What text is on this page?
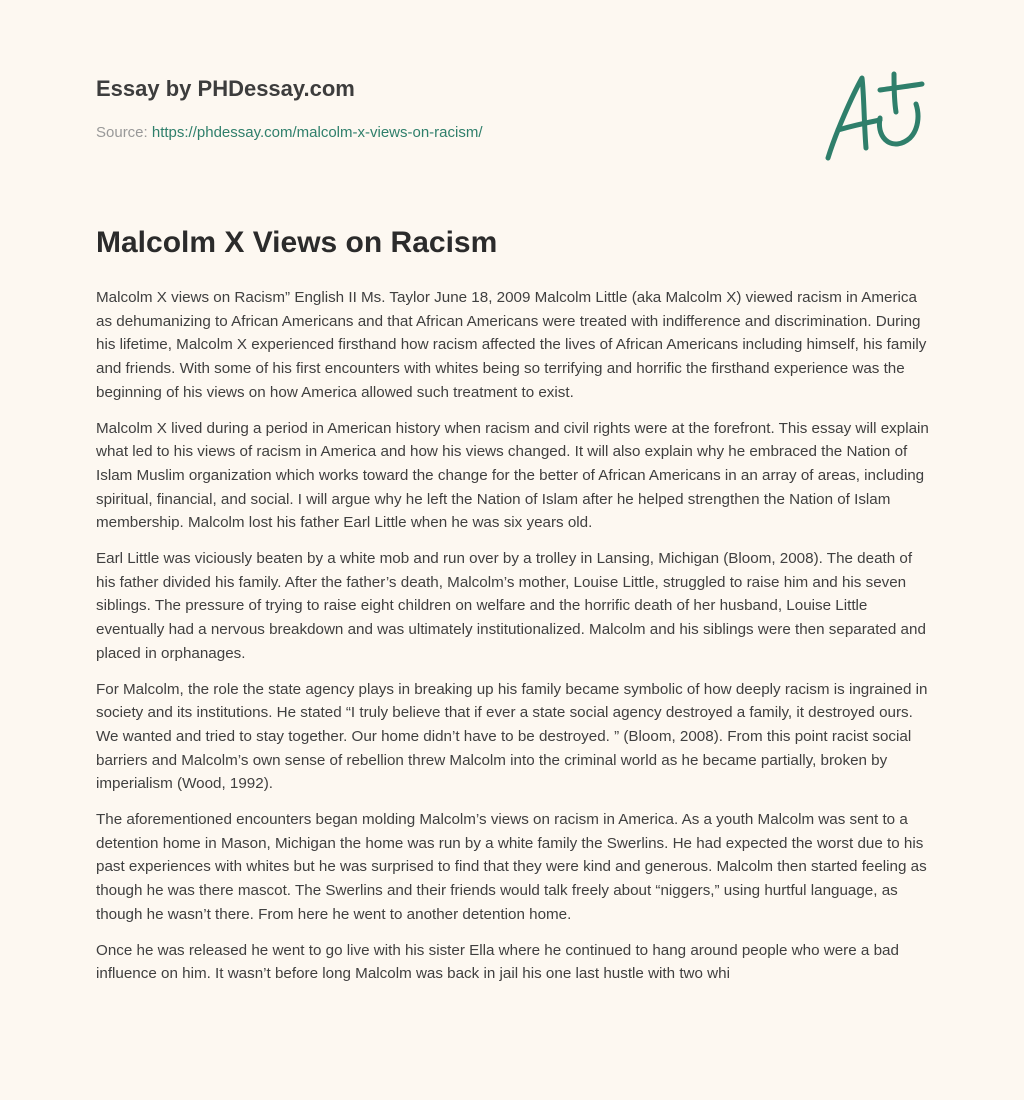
Essay by PHDessay.com

Source: https://phdessay.com/malcolm-x-views-on-racism/

Malcolm X Views on Racism

Malcolm X views on Racism” English II Ms. Taylor June 18, 2009 Malcolm Little (aka Malcolm X) viewed racism in America as dehumanizing to African Americans and that African Americans were treated with indifference and discrimination. During his lifetime, Malcolm X experienced firsthand how racism affected the lives of African Americans including himself, his family and friends. With some of his first encounters with whites being so terrifying and horrific the firsthand experience was the beginning of his views on how America allowed such treatment to exist.

Malcolm X lived during a period in American history when racism and civil rights were at the forefront. This essay will explain what led to his views of racism in America and how his views changed. It will also explain why he embraced the Nation of Islam Muslim organization which works toward the change for the better of African Americans in an array of areas, including spiritual, financial, and social. I will argue why he left the Nation of Islam after he helped strengthen the Nation of Islam membership. Malcolm lost his father Earl Little when he was six years old.

Earl Little was viciously beaten by a white mob and run over by a trolley in Lansing, Michigan (Bloom, 2008). The death of his father divided his family. After the father’s death, Malcolm’s mother, Louise Little, struggled to raise him and his seven siblings. The pressure of trying to raise eight children on welfare and the horrific death of her husband, Louise Little eventually had a nervous breakdown and was ultimately institutionalized. Malcolm and his siblings were then separated and placed in orphanages.

For Malcolm, the role the state agency plays in breaking up his family became symbolic of how deeply racism is ingrained in society and its institutions. He stated “I truly believe that if ever a state social agency destroyed a family, it destroyed ours. We wanted and tried to stay together. Our home didn’t have to be destroyed. ” (Bloom, 2008). From this point racist social barriers and Malcolm’s own sense of rebellion threw Malcolm into the criminal world as he became partially, broken by imperialism (Wood, 1992).

The aforementioned encounters began molding Malcolm’s views on racism in America. As a youth Malcolm was sent to a detention home in Mason, Michigan the home was run by a white family the Swerlins. He had expected the worst due to his past experiences with whites but he was surprised to find that they were kind and generous. Malcolm then started feeling as though he was there mascot. The Swerlins and their friends would talk freely about “niggers,” using hurtful language, as though he wasn’t there. From here he went to another detention home.

Once he was released he went to go live with his sister Ella where he continued to hang around people who were a bad influence on him. It wasn’t before long Malcolm was back in jail his one last hustle with two whi
